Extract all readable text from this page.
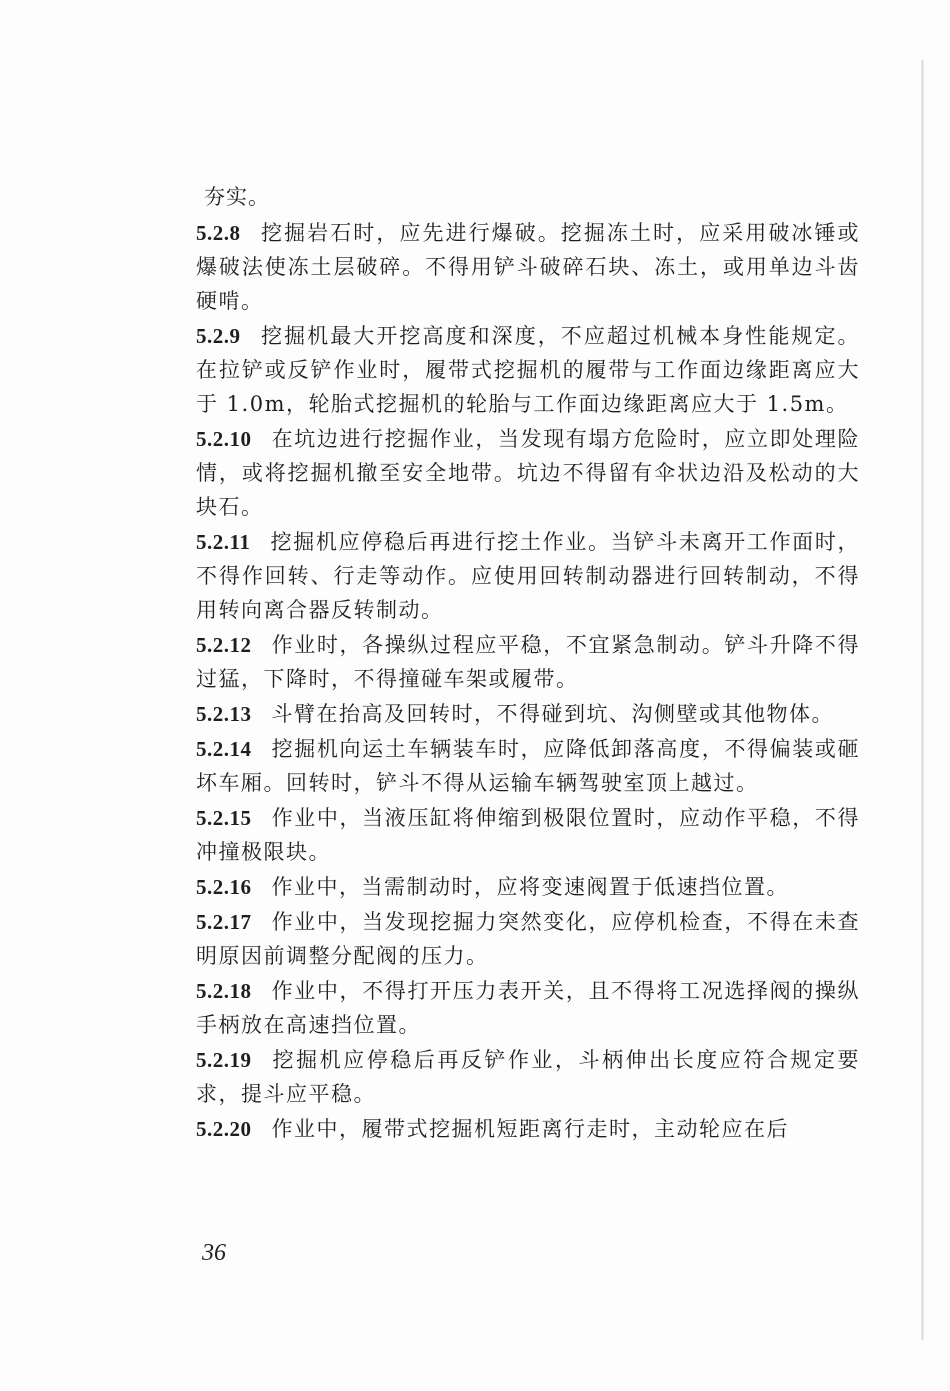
夯实。

5.2.8 挖掘岩石时，应先进行爆破。挖掘冻土时，应采用破冰锤或爆破法使冻土层破碎。不得用铲斗破碎石块、冻土，或用单边斗齿硬啃。

5.2.9 挖掘机最大开挖高度和深度，不应超过机械本身性能规定。在拉铲或反铲作业时，履带式挖掘机的履带与工作面边缘距离应大于 1.0m，轮胎式挖掘机的轮胎与工作面边缘距离应大于 1.5m。

5.2.10 在坑边进行挖掘作业，当发现有塌方危险时，应立即处理险情，或将挖掘机撤至安全地带。坑边不得留有伞状边沿及松动的大块石。

5.2.11 挖掘机应停稳后再进行挖土作业。当铲斗未离开工作面时，不得作回转、行走等动作。应使用回转制动器进行回转制动，不得用转向离合器反转制动。

5.2.12 作业时，各操纵过程应平稳，不宜紧急制动。铲斗升降不得过猛，下降时，不得撞碰车架或履带。

5.2.13 斗臂在抬高及回转时，不得碰到坑、沟侧壁或其他物体。

5.2.14 挖掘机向运土车辆装车时，应降低卸落高度，不得偏装或砸坏车厢。回转时，铲斗不得从运输车辆驾驶室顶上越过。

5.2.15 作业中，当液压缸将伸缩到极限位置时，应动作平稳，不得冲撞极限块。

5.2.16 作业中，当需制动时，应将变速阀置于低速挡位置。

5.2.17 作业中，当发现挖掘力突然变化，应停机检查，不得在未查明原因前调整分配阀的压力。

5.2.18 作业中，不得打开压力表开关，且不得将工况选择阀的操纵手柄放在高速挡位置。

5.2.19 挖掘机应停稳后再反铲作业，斗柄伸出长度应符合规定要求，提斗应平稳。

5.2.20 作业中，履带式挖掘机短距离行走时，主动轮应在后

36
